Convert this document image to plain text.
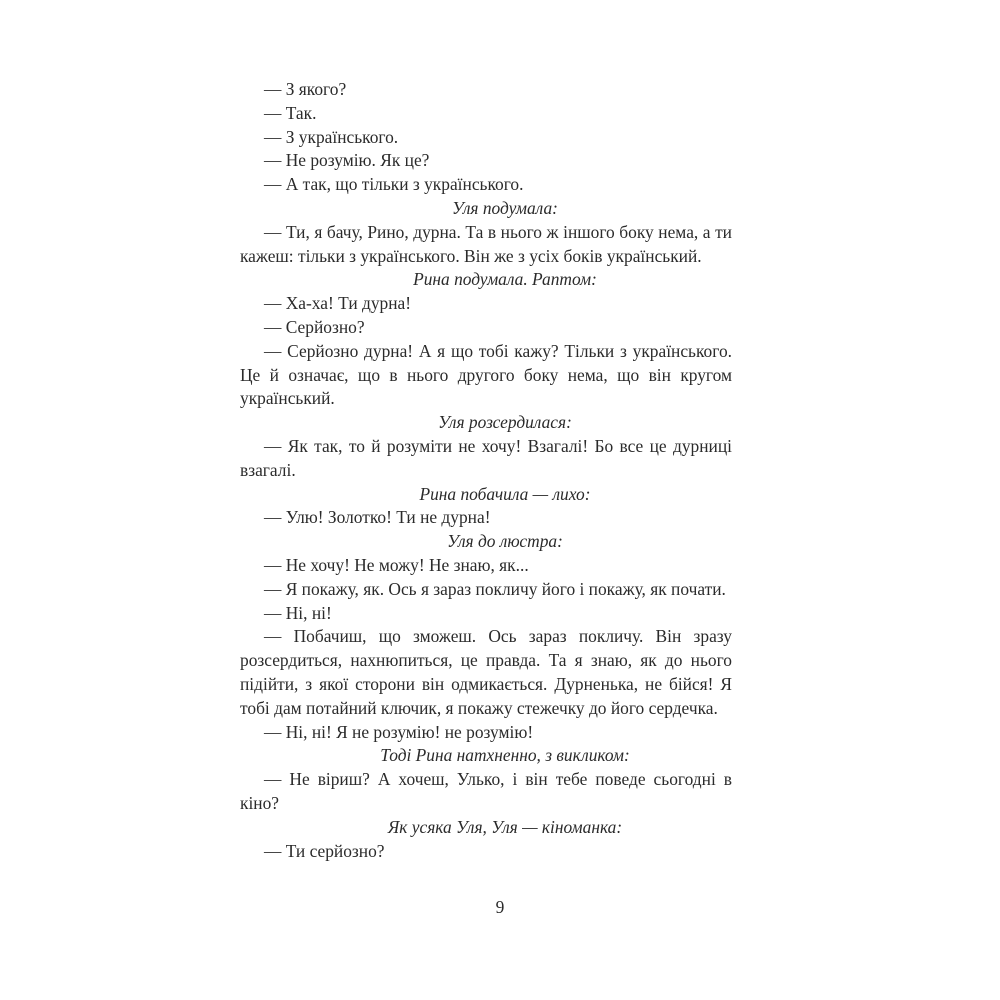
— З якого?

— Так.

— З українського.

— Не розумію. Як це?

— А так, що тільки з українського.

Уля подумала:

— Ти, я бачу, Рино, дурна. Та в нього ж іншого боку нема, а ти кажеш: тільки з українського. Він же з усіх боків український.

Рина подумала. Раптом:

— Ха-ха! Ти дурна!

— Серйозно?

— Серйозно дурна! А я що тобі кажу? Тільки з українського. Це й означає, що в нього другого боку нема, що він кругом український.

Уля розсердилася:

— Як так, то й розуміти не хочу! Взагалі! Бо все це дурниці взагалі.

Рина побачила — лихо:

— Улю! Золотко! Ти не дурна!

Уля до люстра:

— Не хочу! Не можу! Не знаю, як...

— Я покажу, як. Ось я зараз покличу його і покажу, як почати.

— Ні, ні!

— Побачиш, що зможеш. Ось зараз покличу. Він зразу розсердиться, нахнюпиться, це правда. Та я знаю, як до нього підійти, з якої сторони він одмикається. Дурненька, не бійся! Я тобі дам потайний ключик, я покажу стежечку до його сердечка.

— Ні, ні! Я не розумію! не розумію!

Тоді Рина натхненно, з викликом:

— Не віриш? А хочеш, Улько, і він тебе поведе сьогодні в кіно?

Як усяка Уля, Уля — кіноманка:

— Ти серйозно?

9
